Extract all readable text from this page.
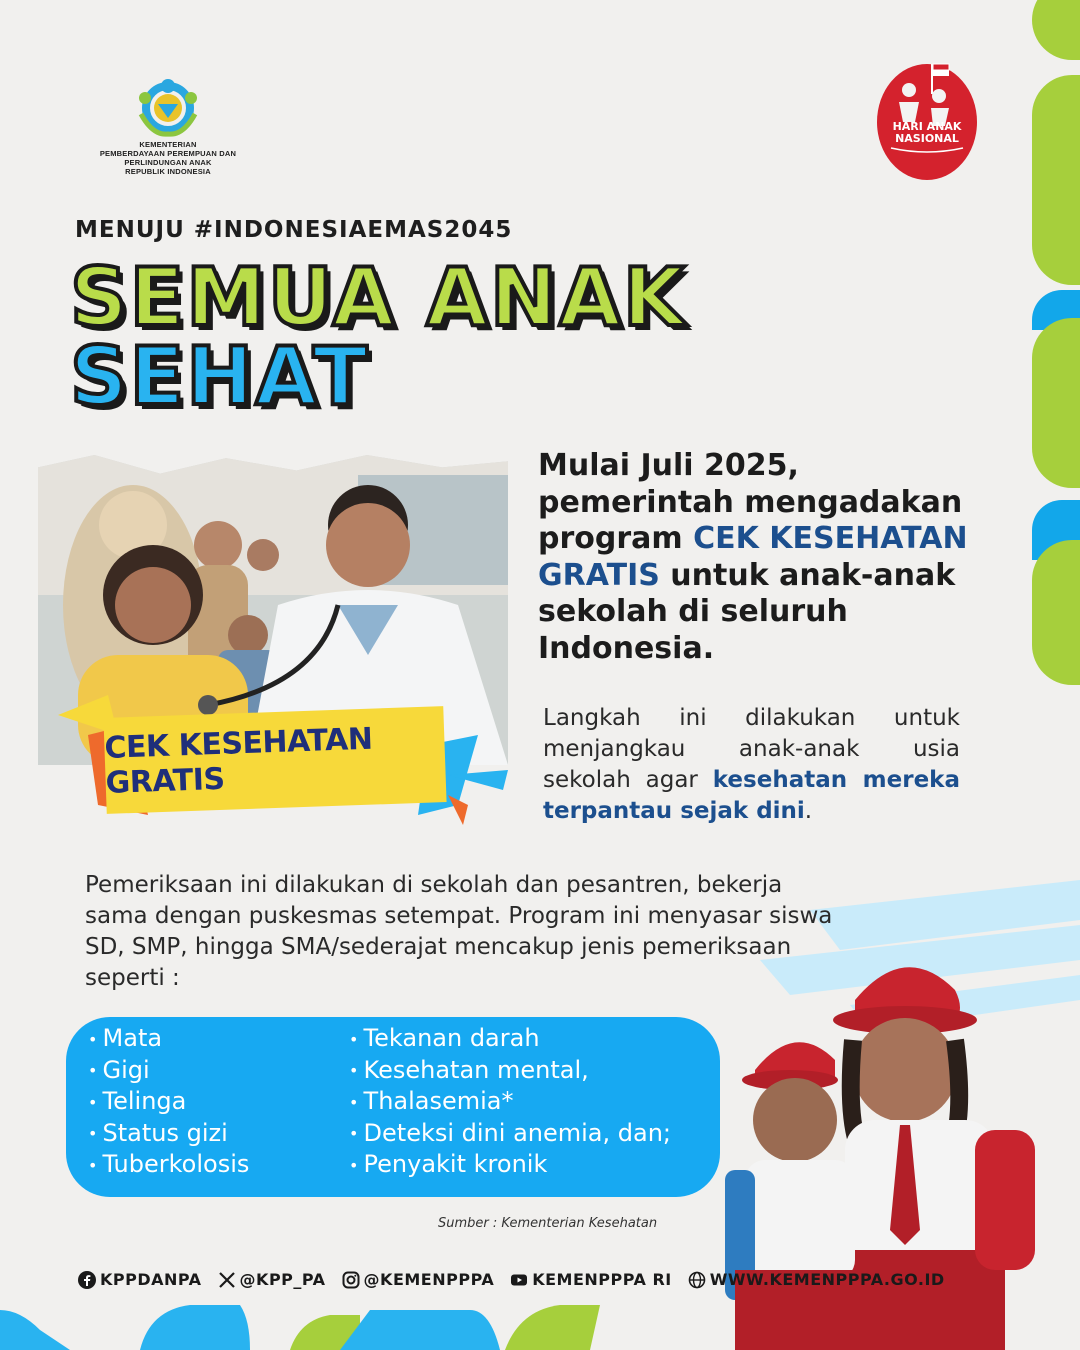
KEMENTERIAN
PEMBERDAYAAN PEREMPUAN DAN PERLINDUNGAN ANAK
REPUBLIK INDONESIA
HARI ANAK
NASIONAL
MENUJU #INDONESIAEMAS2045
SEMUA ANAK
SEHAT
CEK KESEHATAN GRATIS
Mulai Juli 2025, pemerintah mengadakan program CEK KESEHATAN GRATIS untuk anak-anak sekolah di seluruh Indonesia.
Langkah ini dilakukan untuk menjangkau anak-anak usia sekolah agar kesehatan mereka terpantau sejak dini.
Pemeriksaan ini dilakukan di sekolah dan pesantren, bekerja sama dengan puskesmas setempat. Program ini menyasar siswa SD, SMP, hingga SMA/sederajat mencakup jenis pemeriksaan seperti :
• Mata
• Gigi
• Telinga
• Status gizi
• Tuberkolosis
• Tekanan darah
• Kesehatan mental,
• Thalasemia*
• Deteksi dini anemia, dan;
• Penyakit kronik
Sumber : Kementerian Kesehatan
KPPDANPA @KPP_PA @KEMENPPPA KEMENPPPA RI WWW.KEMENPPPA.GO.ID
